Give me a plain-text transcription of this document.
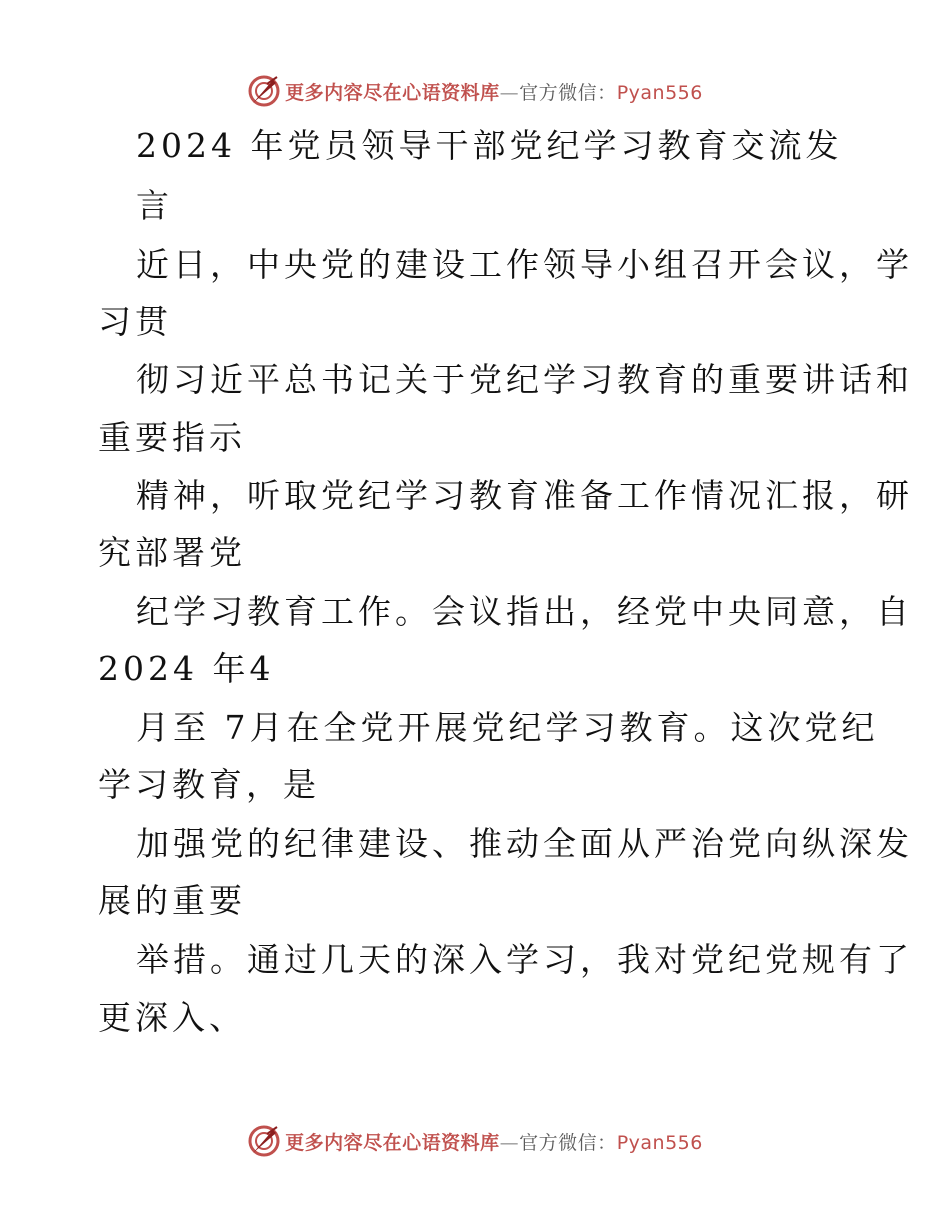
更多内容尽在心语资料库—官方微信：Pyan556
2024 年党员领导干部党纪学习教育交流发
言
近日，中央党的建设工作领导小组召开会议，学
习贯
彻习近平总书记关于党纪学习教育的重要讲话和
重要指示
精神，听取党纪学习教育准备工作情况汇报，研
究部署党
纪学习教育工作。会议指出，经党中央同意，自
2024 年4
月至 7月在全党开展党纪学习教育。这次党纪
学习教育，是
加强党的纪律建设、推动全面从严治党向纵深发
展的重要
举措。通过几天的深入学习，我对党纪党规有了
更深入、
更多内容尽在心语资料库—官方微信：Pyan556
